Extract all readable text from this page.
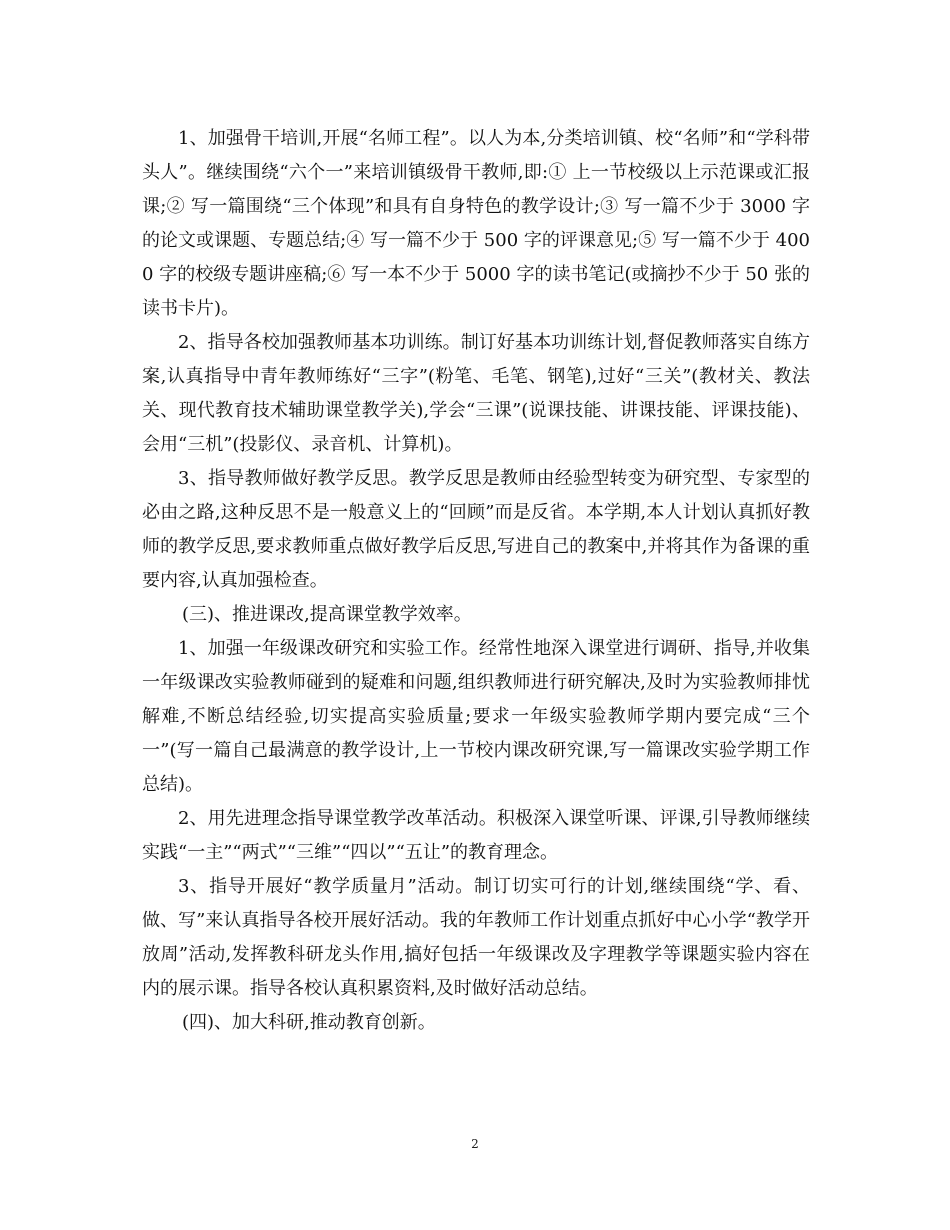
1、加强骨干培训,开展“名师工程”。以人为本,分类培训镇、校“名师”和“学科带头人”。继续围绕“六个一”来培训镇级骨干教师,即:① 上一节校级以上示范课或汇报课;② 写一篇围绕“三个体现”和具有自身特色的教学设计;③ 写一篇不少于 3000 字的论文或课题、专题总结;④ 写一篇不少于 500 字的评课意见;⑤ 写一篇不少于 4000 字的校级专题讲座稿;⑥ 写一本不少于 5000 字的读书笔记(或摘抄不少于 50 张的读书卡片)。

2、指导各校加强教师基本功训练。制订好基本功训练计划,督促教师落实自练方案,认真指导中青年教师练好“三字”(粉笔、毛笔、钢笔),过好“三关”(教材关、教法关、现代教育技术辅助课堂教学关),学会“三课”(说课技能、讲课技能、评课技能)、会用“三机”(投影仪、录音机、计算机)。

3、指导教师做好教学反思。教学反思是教师由经验型转变为研究型、专家型的必由之路,这种反思不是一般意义上的“回顾”而是反省。本学期,本人计划认真抓好教师的教学反思,要求教师重点做好教学后反思,写进自己的教案中,并将其作为备课的重要内容,认真加强检查。

(三)、推进课改,提高课堂教学效率。

1、加强一年级课改研究和实验工作。经常性地深入课堂进行调研、指导,并收集一年级课改实验教师碰到的疑难和问题,组织教师进行研究解决,及时为实验教师排忧解难,不断总结经验,切实提高实验质量;要求一年级实验教师学期内要完成“三个一”(写一篇自己最满意的教学设计,上一节校内课改研究课,写一篇课改实验学期工作总结)。

2、用先进理念指导课堂教学改革活动。积极深入课堂听课、评课,引导教师继续实践“一主”“两式”“三维”“四以”“五让”的教育理念。

3、指导开展好“教学质量月”活动。制订切实可行的计划,继续围绕“学、看、做、写”来认真指导各校开展好活动。我的年教师工作计划重点抓好中心小学“教学开放周”活动,发挥教科研龙头作用,搞好包括一年级课改及字理教学等课题实验内容在内的展示课。指导各校认真积累资料,及时做好活动总结。

(四)、加大科研,推动教育创新。

2
